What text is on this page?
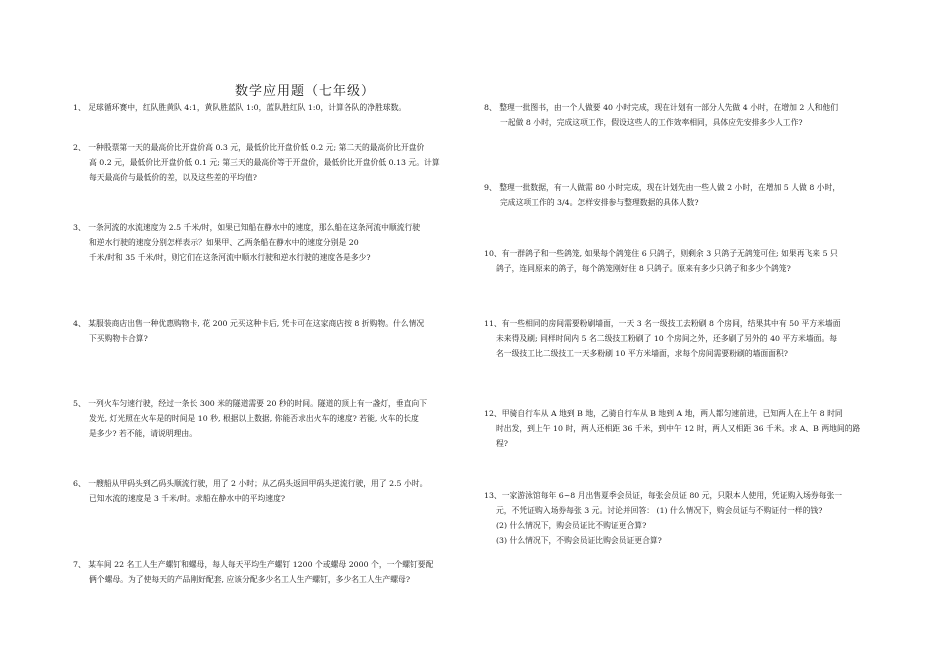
数学应用题（七年级）
1、 足球循环赛中，红队胜黄队 4:1，黄队胜蓝队 1:0，蓝队胜红队 1:0，计算各队的净胜球数。
2、 一种股票第一天的最高价比开盘价高 0.3 元，最低价比开盘价低 0.2 元; 第二天的最高价比开盘价
高 0.2 元，最低价比开盘价低 0.1 元; 第三天的最高价等于开盘价，最低价比开盘价低 0.13 元。计算
每天最高价与最低价的差，以及这些差的平均值?
3、 一条河流的水流速度为 2.5 千米/时，如果已知船在静水中的速度，那么船在这条河流中顺流行驶
和逆水行驶的速度分别怎样表示？如果甲、乙两条船在静水中的速度分别是 20
千米/时和 35 千米/时，则它们在这条河流中顺水行驶和逆水行驶的速度各是多少?
4、 某服装商店出售一种优惠购物卡, 花 200 元买这种卡后, 凭卡可在这家商店按 8 折购物。什么情况
下买购物卡合算?
5、 一列火车匀速行驶，经过一条长 300 米的隧道需要 20 秒的时间。隧道的顶上有一盏灯，垂直向下
发光, 灯光照在火车是的时间是 10 秒, 根据以上数据, 你能否求出火车的速度? 若能, 火车的长度
是多少? 若不能，请说明理由。
6、 一艘船从甲码头到乙码头顺流行驶，用了 2 小时；从乙码头返回甲码头逆流行驶，用了 2.5 小时。
已知水流的速度是 3 千米/时。求船在静水中的平均速度?
7、 某车间 22 名工人生产螺钉和螺母，每人每天平均生产螺钉 1200 个或螺母 2000 个，一个螺钉要配
俩个螺母。为了使每天的产品刚好配套, 应该分配多少名工人生产螺钉，多少名工人生产螺母?
8、 整理一批图书，由一个人做要 40 小时完成，现在计划有一部分人先做 4 小时，在增加 2 人和他们
一起做 8 小时，完成这项工作，假设这些人的工作效率相同，具体应先安排多少人工作?
9、 整理一批数据，有一人做需 80 小时完成，现在计划先由一些人做 2 小时，在增加 5 人做 8 小时，
完成这项工作的 3/4。怎样安排参与整理数据的具体人数?
10、有一群鸽子和一些鸽笼, 如果每个鸽笼住 6 只鸽子，则剩余 3 只鸽子无鸽笼可住; 如果再飞来 5 只
鸽子，连同原来的鸽子，每个鸽笼刚好住 8 只鸽子。原来有多少只鸽子和多少个鸽笼?
11、有一些相同的房间需要粉刷墙面，一天 3 名一级技工去粉刷 8 个房间，结果其中有 50 平方米墙面
未来得及刷; 同样时间内 5 名二级技工粉刷了 10 个房间之外，还多刷了另外的 40 平方米墙面。每
名一级技工比二级技工一天多粉刷 10 平方米墙面，求每个房间需要粉刷的墙面面积?
12、甲骑自行车从 A 地到 B 地，乙骑自行车从 B 地到 A 地，两人都匀速前进，已知两人在上午 8 时同
时出发，到上午 10 时，两人还相距 36 千米，到中午 12 时，两人又相距 36 千米。求 A、B 两地间的路
程?
13、一家游泳馆每年 6~8 月出售夏季会员证，每张会员证 80 元，只限本人使用，凭证购入场券每张一
元，不凭证购入场券每张 3 元。讨论并回答： (1) 什么情况下，购会员证与不购证付一样的钱?
(2) 什么情况下，购会员证比不购证更合算?
(3) 什么情况下，不购会员证比购会员证更合算?
